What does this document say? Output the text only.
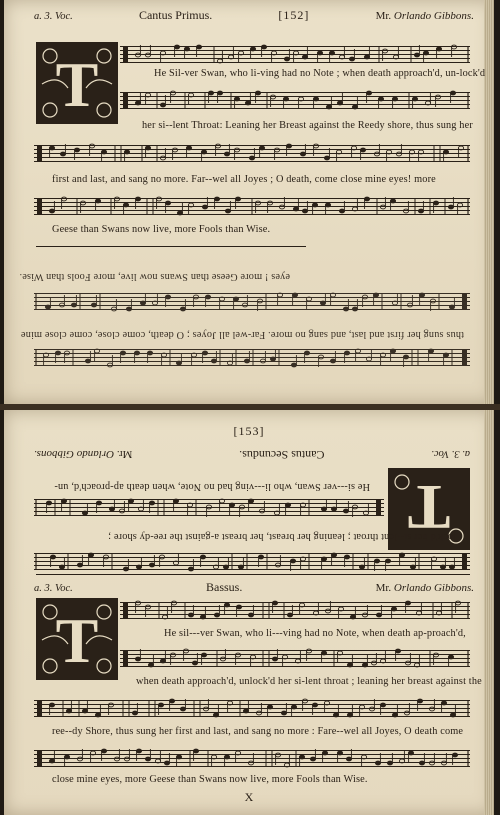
a. 3. Voc.	Cantus Primus.	[152]	Mr. Orlando Gibbons.
T	He Sil-ver Swan, who li-ving had no Note ; when death approach'd, un-lock'd
her si--lent Throat: Leaning her Breast against the Reedy shore, thus sung her
first and last, and sang no more. Far--wel all Joyes ; O death, come close mine eyes! more
Geese than Swans now live, more Fools than Wise.
thus sung her first and last, and sang no more. Far-wel all Joyes ; O death, come close, come close mine
eyes ! more Geese than Swans now live, more Fools than Wise.
[153]
a. 3. Voc.
Cantus Secundus.
Mr. Orlando Gibbons.
T
He si---ver Swan, who li---ving had no Note, when death ap-proach'd, un-
lock'd her si--lent throat ; leaning her breast, her breast a-gainst the ree-dy shore ;
a. 3. Voc.	Bassus.	Mr. Orlando Gibbons.
T	He sil---ver Swan, who li---ving had no Note, when death ap-proach'd,
when death approach'd, unlock'd her si-lent throat ; leaning her breast against the
ree--dy Shore, thus sung her first and last, and sang no more : Fare--wel all Joyes, O death come
close mine eyes, more Geese than Swans now live, more Fools than Wise.
X
